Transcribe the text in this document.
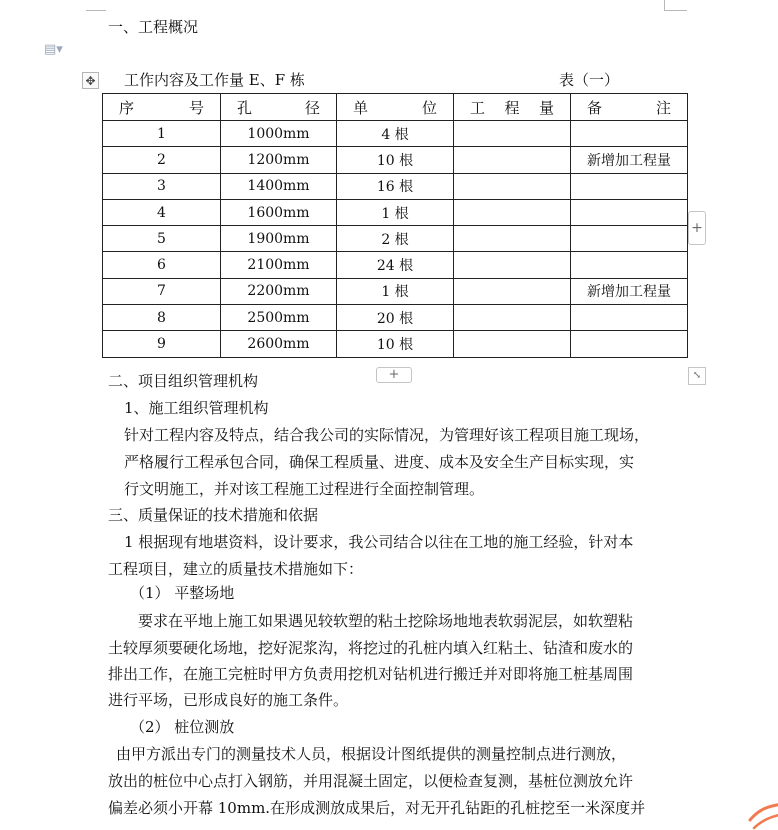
▤▾
一、工程概况
✥ 工作内容及工作量 E、F 栋	表（一）
序 号	孔 径	单 位	工 程 量	备 注

1	1000mm	4 根		
2	1200mm	10 根		新增加工程量
3	1400mm	16 根		
4	1600mm	1 根		
5	1900mm	2 根		
6	2100mm	24 根		
7	2200mm	1 根		新增加工程量
8	2500mm	20 根		
9	2600mm	10 根		
+
+	⤡
二、项目组织管理机构
1、施工组织管理机构
针对工程内容及特点，结合我公司的实际情况，为管理好该工程项目施工现场，
严格履行工程承包合同，确保工程质量、进度、成本及安全生产目标实现，实
行文明施工，并对该工程施工过程进行全面控制管理。
三、质量保证的技术措施和依据
1 根据现有地堪资料，设计要求，我公司结合以往在工地的施工经验，针对本
工程项目，建立的质量技术措施如下：
（1） 平整场地
要求在平地上施工如果遇见较软塑的粘土挖除场地地表软弱泥层，如软塑粘
土较厚须要硬化场地，挖好泥浆沟，将挖过的孔桩内填入红粘土、钻渣和废水的
排出工作，在施工完桩时甲方负责用挖机对钻机进行搬迁并对即将施工桩基周围
进行平场，已形成良好的施工条件。
（2） 桩位测放
由甲方派出专门的测量技术人员，根据设计图纸提供的测量控制点进行测放，
放出的桩位中心点打入钢筋，并用混凝土固定，以便检查复测，基桩位测放允许
偏差必须小开幕 10mm.在形成测放成果后，对无开孔钻距的孔桩挖至一米深度并
